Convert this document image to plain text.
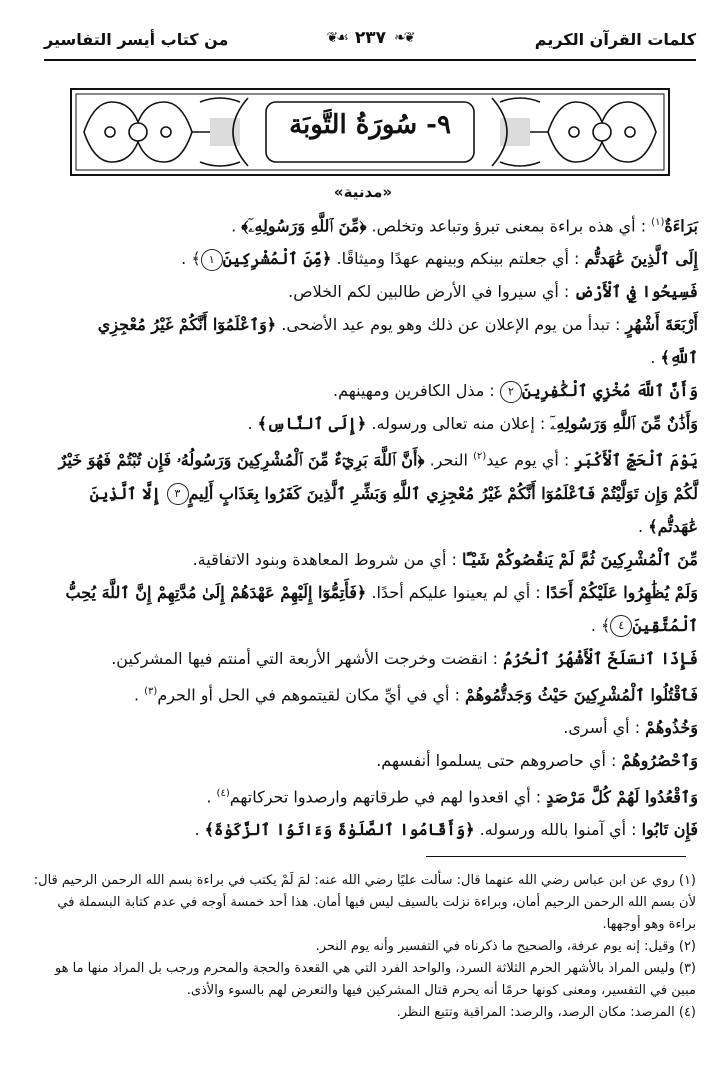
كلمات القرآن الكريم
❦❧
٢٣٧
☙❦
من كتاب أيسر التفاسير
٩- سُورَةُ التَّوبَة
«مدنية»
بَرَاءَةٌ$^{(١)}$ : أي هذه براءة بمعنى تبرؤ وتباعد وتخلص. ﴿مِّنَ ٱللَّهِ وَرَسُولِهِۦٓ﴾ .
إِلَى ٱلَّذِينَ عَٰهَدتُّم : أي جعلتم بينكم وبينهم عهدًا وميثاقًا. ﴿مِّنَ ٱلْمُشْرِكِينَ١﴾ .
فَسِيحُوا فِي ٱلْأَرْضِ : أي سيروا في الأرض طالبين لكم الخلاص.
أَرْبَعَةَ أَشْهُرٍ : تبدأ من يوم الإعلان عن ذلك وهو يوم عيد الأضحى. ﴿وَٱعْلَمُوٓا أَنَّكُمْ غَيْرُ مُعْجِزِي
ٱللَّهِ﴾ .
وَأَنَّ ٱللَّهَ مُخْزِي ٱلْكَٰفِرِينَ٢ : مذل الكافرين ومهينهم.
وَأَذَٰنٌ مِّنَ ٱللَّهِ وَرَسُولِهِۦٓ : إعلان منه تعالى ورسوله. ﴿إِلَى ٱلنَّاسِ﴾ .
يَوْمَ ٱلْحَجِّ ٱلْأَكْبَرِ : أي يوم عيد$^{(٢)}$ النحر. ﴿أَنَّ ٱللَّهَ بَرِيٓءٌ مِّنَ ٱلْمُشْرِكِينَ وَرَسُولُهُۥ فَإِن تُبْتُمْ فَهُوَ خَيْرٌ
لَّكُمْ وَإِن تَوَلَّيْتُمْ فَٱعْلَمُوٓا أَنَّكُمْ غَيْرُ مُعْجِزِي ٱللَّهِ وَبَشِّرِ ٱلَّذِينَ كَفَرُوا بِعَذَابٍ أَلِيمٍ٣ إِلَّا ٱلَّذِينَ
عَٰهَدتُّم﴾ .
مِّنَ ٱلْمُشْرِكِينَ ثُمَّ لَمْ يَنقُصُوكُمْ شَيْـًٔا : أي من شروط المعاهدة وبنود الاتفاقية.
وَلَمْ يُظَٰهِرُوا عَلَيْكُمْ أَحَدًا : أي لم يعينوا عليكم أحدًا. ﴿فَأَتِمُّوٓا إِلَيْهِمْ عَهْدَهُمْ إِلَىٰ مُدَّتِهِمْ إِنَّ ٱللَّهَ يُحِبُّ
ٱلْمُتَّقِينَ٤﴾ .
فَإِذَا ٱنسَلَخَ ٱلْأَشْهُرُ ٱلْحُرُمُ : انقضت وخرجت الأشهر الأربعة التي أمنتم فيها المشركين.
فَٱقْتُلُوا ٱلْمُشْرِكِينَ حَيْثُ وَجَدتُّمُوهُمْ : أي في أيِّ مكان لقيتموهم في الحل أو الحرم$^{(٣)}$ .
وَخُذُوهُمْ : أي أسرى.
وَٱحْصُرُوهُمْ : أي حاصروهم حتى يسلموا أنفسهم.
وَٱقْعُدُوا لَهُمْ كُلَّ مَرْصَدٍ : أي اقعدوا لهم في طرقاتهم وارصدوا تحركاتهم$^{(٤)}$ .
فَإِن تَابُوا : أي آمنوا بالله ورسوله. ﴿وَأَقَامُوا ٱلصَّلَوٰةَ وَءَاتَوُا ٱلزَّكَوٰةَ﴾ .

(١) روي عن ابن عباس رضي الله عنهما قال: سألت عليًا رضي الله عنه: لمَ لَمْ يكتب في براءة بسم الله الرحمن الرحيم قال: لأن بسم الله الرحمن الرحيم أمان، وبراءة نزلت بالسيف ليس فيها أمان. هذا أحد خمسة أوجه في عدم كتابة البسملة في براءة وهو أوجهها.

(٢) وقيل: إنه يوم عرفة، والصحيح ما ذكرناه في التفسير وأنه يوم النحر.

(٣) وليس المراد بالأشهر الحرم الثلاثة السرد، والواحد الفرد التي هي القعدة والحجة والمحرم ورجب بل المراد منها ما هو مبين في التفسير، ومعنى كونها حرمًا أنه يحرم قتال المشركين فيها والتعرض لهم بالسوء والأذى.

(٤) المرصد: مكان الرصد، والرصد: المراقبة وتتبع النظر.
